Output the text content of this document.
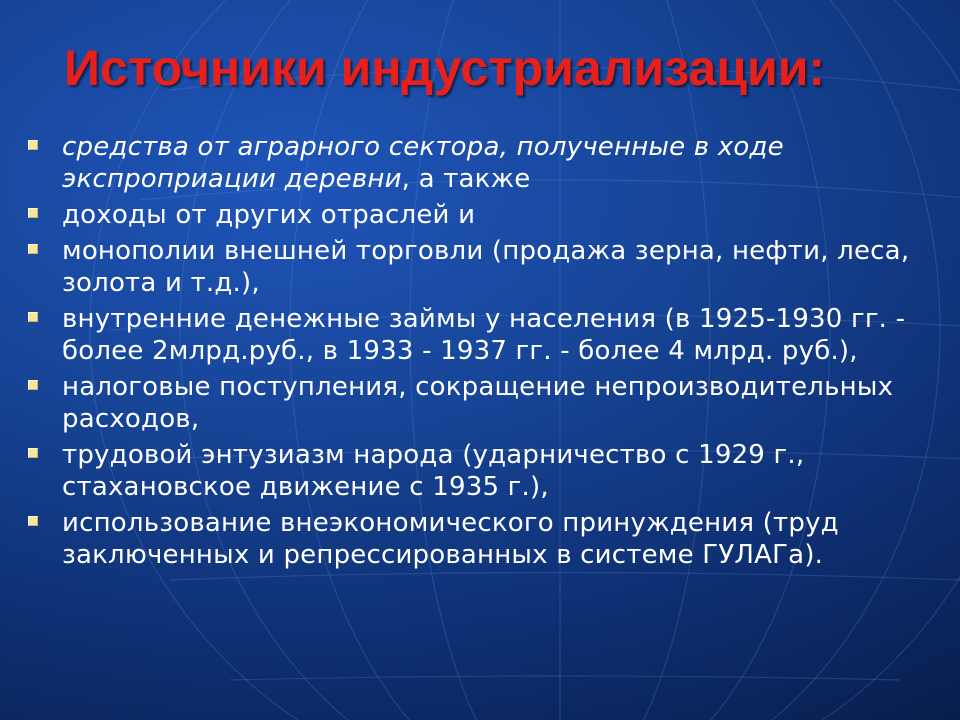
Источники индустриализации:
средства от аграрного сектора, полученные в ходе экспроприации деревни, а также
доходы от других отраслей и
монополии внешней торговли (продажа зерна, нефти, леса, золота и т.д.),
внутренние денежные займы у населения (в 1925-1930 гг. - более 2млрд.руб., в 1933 - 1937 гг. - более 4 млрд. руб.),
налоговые поступления, сокращение непроизводительных расходов,
трудовой энтузиазм народа (ударничество с 1929 г., стахановское движение с 1935 г.),
использование внеэкономического принуждения (труд заключенных и репрессированных в системе ГУЛАГа).
